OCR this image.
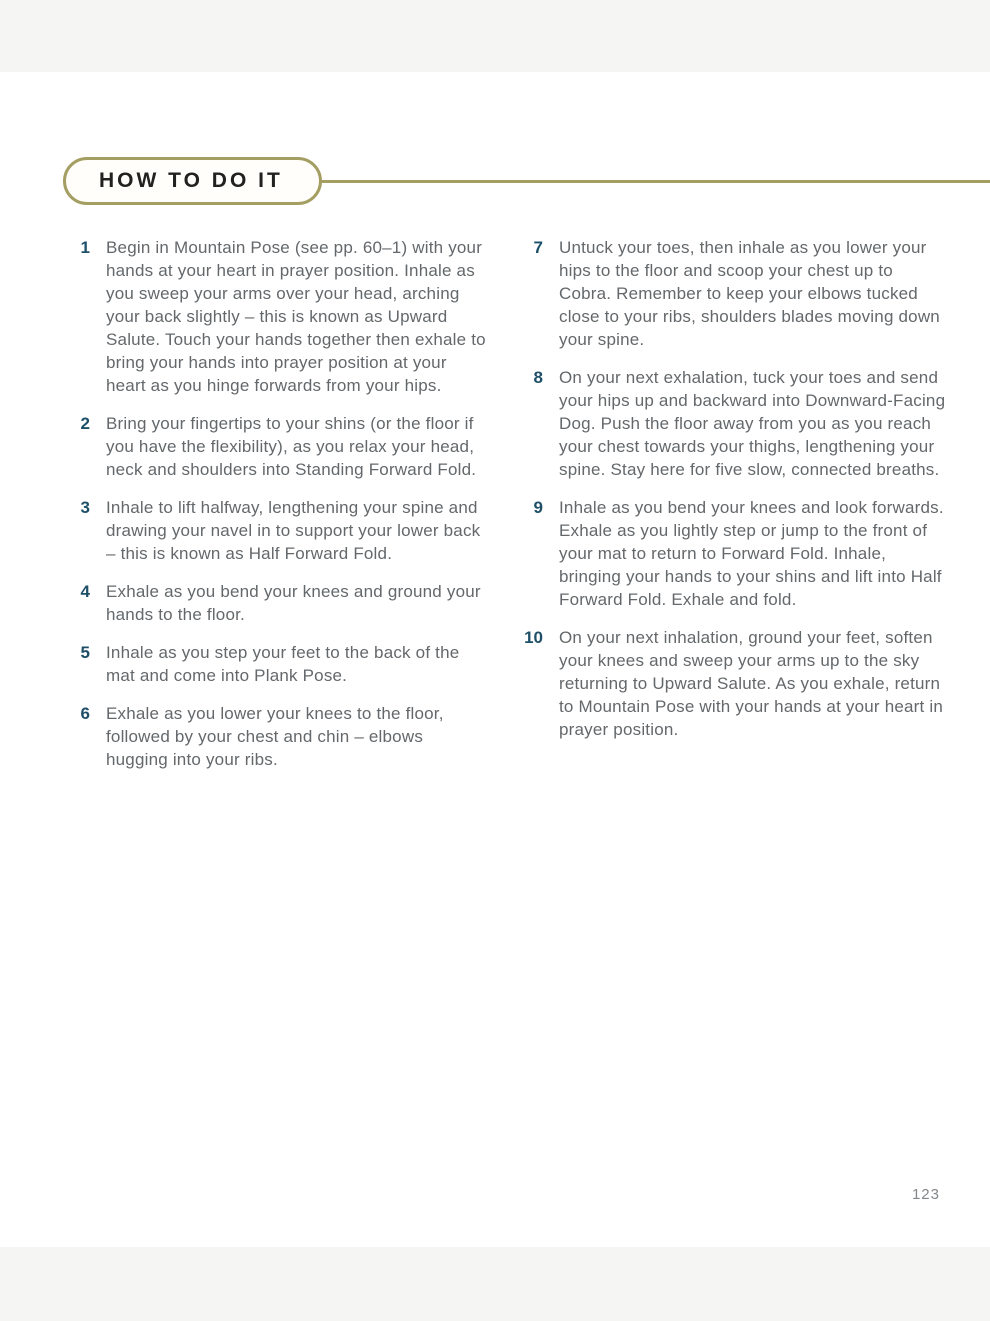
HOW TO DO IT
1 Begin in Mountain Pose (see pp. 60–1) with your hands at your heart in prayer position. Inhale as you sweep your arms over your head, arching your back slightly – this is known as Upward Salute. Touch your hands together then exhale to bring your hands into prayer position at your heart as you hinge forwards from your hips.

2 Bring your fingertips to your shins (or the floor if you have the flexibility), as you relax your head, neck and shoulders into Standing Forward Fold.

3 Inhale to lift halfway, lengthening your spine and drawing your navel in to support your lower back – this is known as Half Forward Fold.

4 Exhale as you bend your knees and ground your hands to the floor.

5 Inhale as you step your feet to the back of the mat and come into Plank Pose.

6 Exhale as you lower your knees to the floor, followed by your chest and chin – elbows hugging into your ribs.

7 Untuck your toes, then inhale as you lower your hips to the floor and scoop your chest up to Cobra. Remember to keep your elbows tucked close to your ribs, shoulders blades moving down your spine.

8 On your next exhalation, tuck your toes and send your hips up and backward into Downward-Facing Dog. Push the floor away from you as you reach your chest towards your thighs, lengthening your spine. Stay here for five slow, connected breaths.

9 Inhale as you bend your knees and look forwards. Exhale as you lightly step or jump to the front of your mat to return to Forward Fold. Inhale, bringing your hands to your shins and lift into Half Forward Fold. Exhale and fold.

10 On your next inhalation, ground your feet, soften your knees and sweep your arms up to the sky returning to Upward Salute. As you exhale, return to Mountain Pose with your hands at your heart in prayer position.

123
